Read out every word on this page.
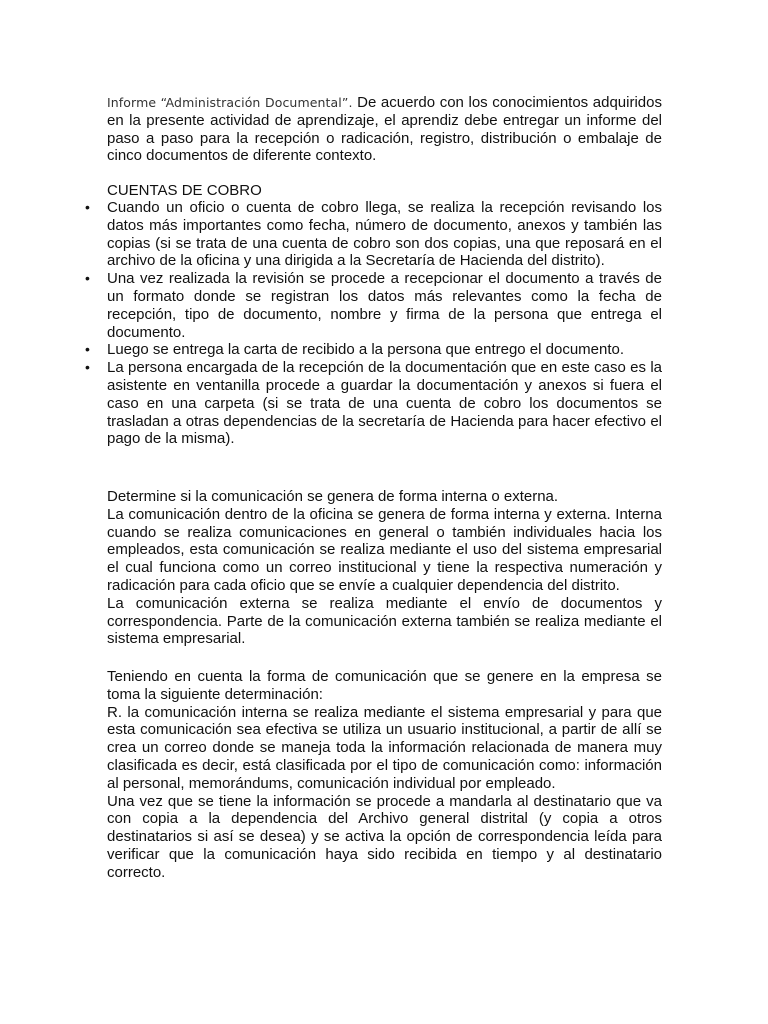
Informe “Administración Documental”. De acuerdo con los conocimientos adquiridos en la presente actividad de aprendizaje, el aprendiz debe entregar un informe del paso a paso para la recepción o radicación, registro, distribución o embalaje de cinco documentos de diferente contexto.

CUENTAS DE COBRO

• Cuando un oficio o cuenta de cobro llega, se realiza la recepción revisando los datos más importantes como fecha, número de documento, anexos y también las copias (si se trata de una cuenta de cobro son dos copias, una que reposará en el archivo de la oficina y una dirigida a la Secretaría de Hacienda del distrito).
• Una vez realizada la revisión se procede a recepcionar el documento a través de un formato donde se registran los datos más relevantes como la fecha de recepción, tipo de documento, nombre y firma de la persona que entrega el documento.
• Luego se entrega la carta de recibido a la persona que entrego el documento.
• La persona encargada de la recepción de la documentación que en este caso es la asistente en ventanilla procede a guardar la documentación y anexos si fuera el caso en una carpeta (si se trata de una cuenta de cobro los documentos se trasladan a otras dependencias de la secretaría de Hacienda para hacer efectivo el pago de la misma).

Determine si la comunicación se genera de forma interna o externa.

La comunicación dentro de la oficina se genera de forma interna y externa. Interna cuando se realiza comunicaciones en general o también individuales hacia los empleados, esta comunicación se realiza mediante el uso del sistema empresarial el cual funciona como un correo institucional y tiene la respectiva numeración y radicación para cada oficio que se envíe a cualquier dependencia del distrito.

La comunicación externa se realiza mediante el envío de documentos y correspondencia. Parte de la comunicación externa también se realiza mediante el sistema empresarial.

Teniendo en cuenta la forma de comunicación que se genere en la empresa se toma la siguiente determinación:

R. la comunicación interna se realiza mediante el sistema empresarial y para que esta comunicación sea efectiva se utiliza un usuario institucional, a partir de allí se crea un correo donde se maneja toda la información relacionada de manera muy clasificada es decir, está clasificada por el tipo de comunicación como: información al personal, memorándums, comunicación individual por empleado.

Una vez que se tiene la información se procede a mandarla al destinatario que va con copia a la dependencia del Archivo general distrital (y copia a otros destinatarios si así se desea) y se activa la opción de correspondencia leída para verificar que la comunicación haya sido recibida en tiempo y al destinatario correcto.
